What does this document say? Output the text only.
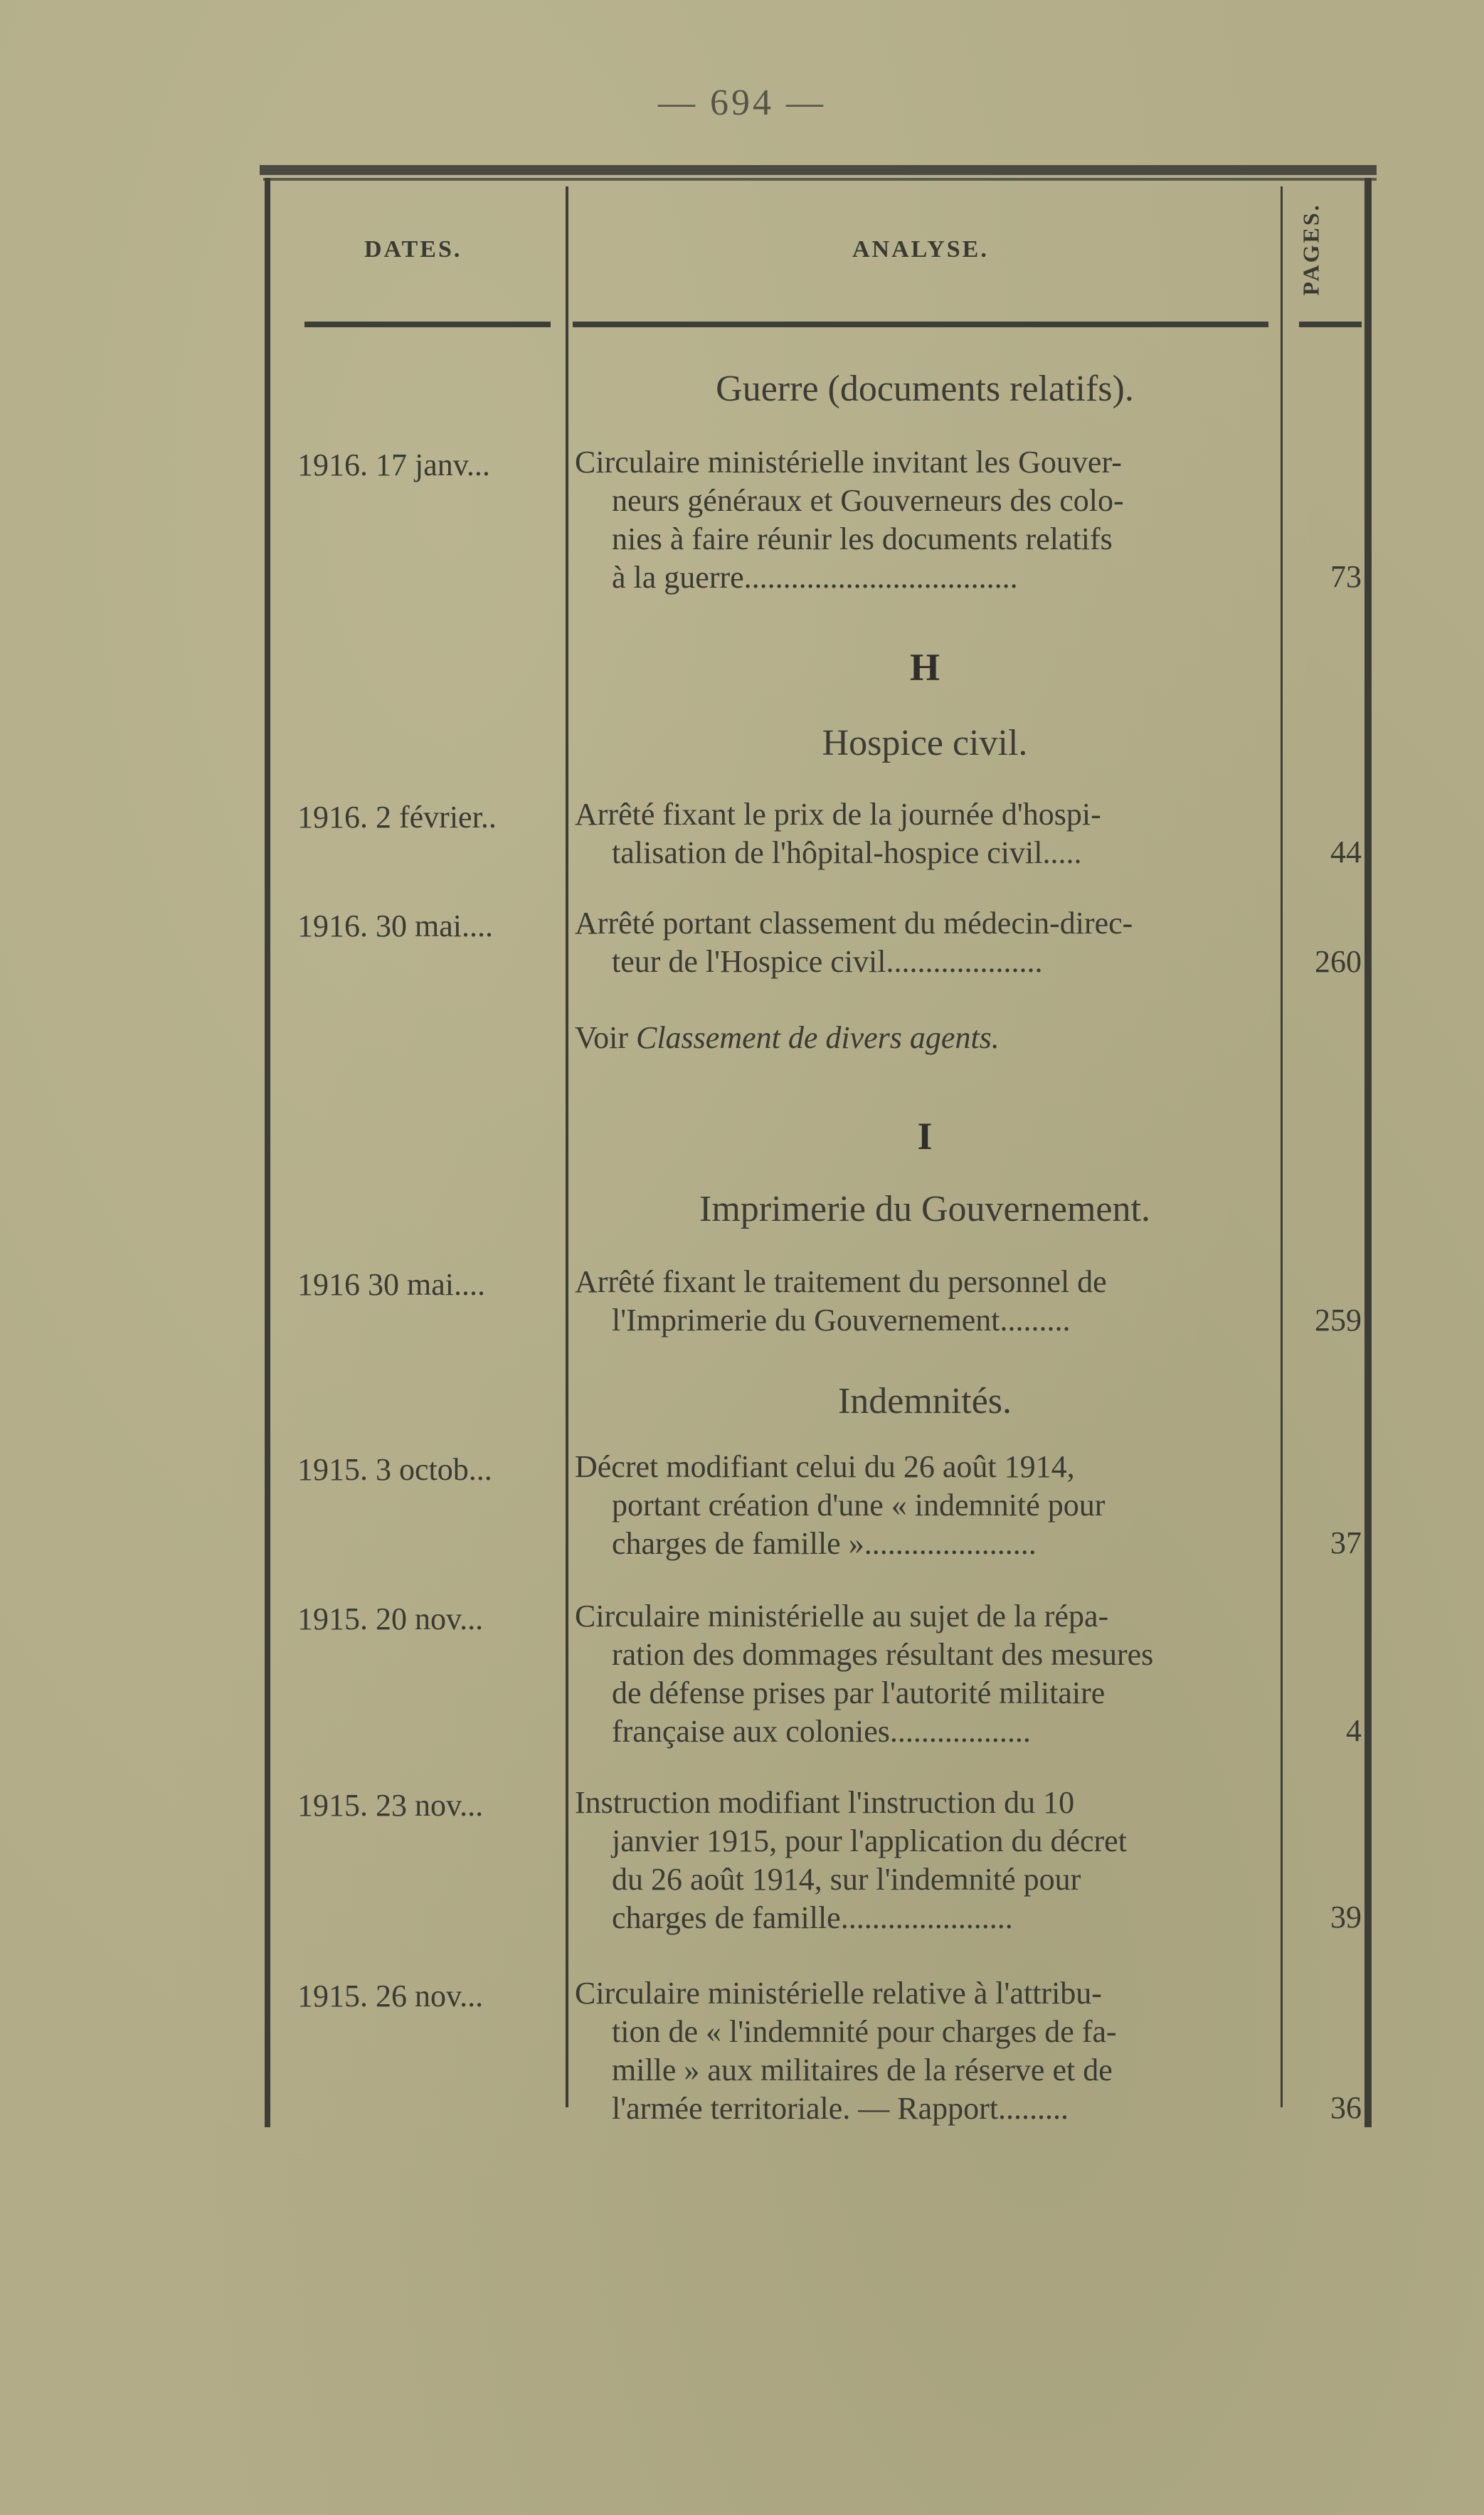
— 694 —
DATES.	ANALYSE.	PAGES.
Guerre (documents relatifs).
1916. 17 janv...	Circulaire ministérielle invitant les Gouver-
neurs généraux et Gouverneurs des colo-
nies à faire réunir les documents relatifs
à la guerre...................................	73
H
Hospice civil.
1916. 2 février..	Arrêté fixant le prix de la journée d'hospi-
talisation de l'hôpital-hospice civil.....	44
1916. 30 mai....	Arrêté portant classement du médecin-direc-
teur de l'Hospice civil....................	260
Voir Classement de divers agents.
I
Imprimerie du Gouvernement.
1916 30 mai....	Arrêté fixant le traitement du personnel de
l'Imprimerie du Gouvernement.........	259
Indemnités.
1915. 3 octob...	Décret modifiant celui du 26 août 1914,
portant création d'une « indemnité pour
charges de famille »......................	37
1915. 20 nov...	Circulaire ministérielle au sujet de la répa-
ration des dommages résultant des mesures
de défense prises par l'autorité militaire
française aux colonies..................	4
1915. 23 nov...	Instruction modifiant l'instruction du 10
janvier 1915, pour l'application du décret
du 26 août 1914, sur l'indemnité pour
charges de famille......................	39
1915. 26 nov...	Circulaire ministérielle relative à l'attribu-
tion de « l'indemnité pour charges de fa-
mille » aux militaires de la réserve et de
l'armée territoriale. — Rapport.........	36
